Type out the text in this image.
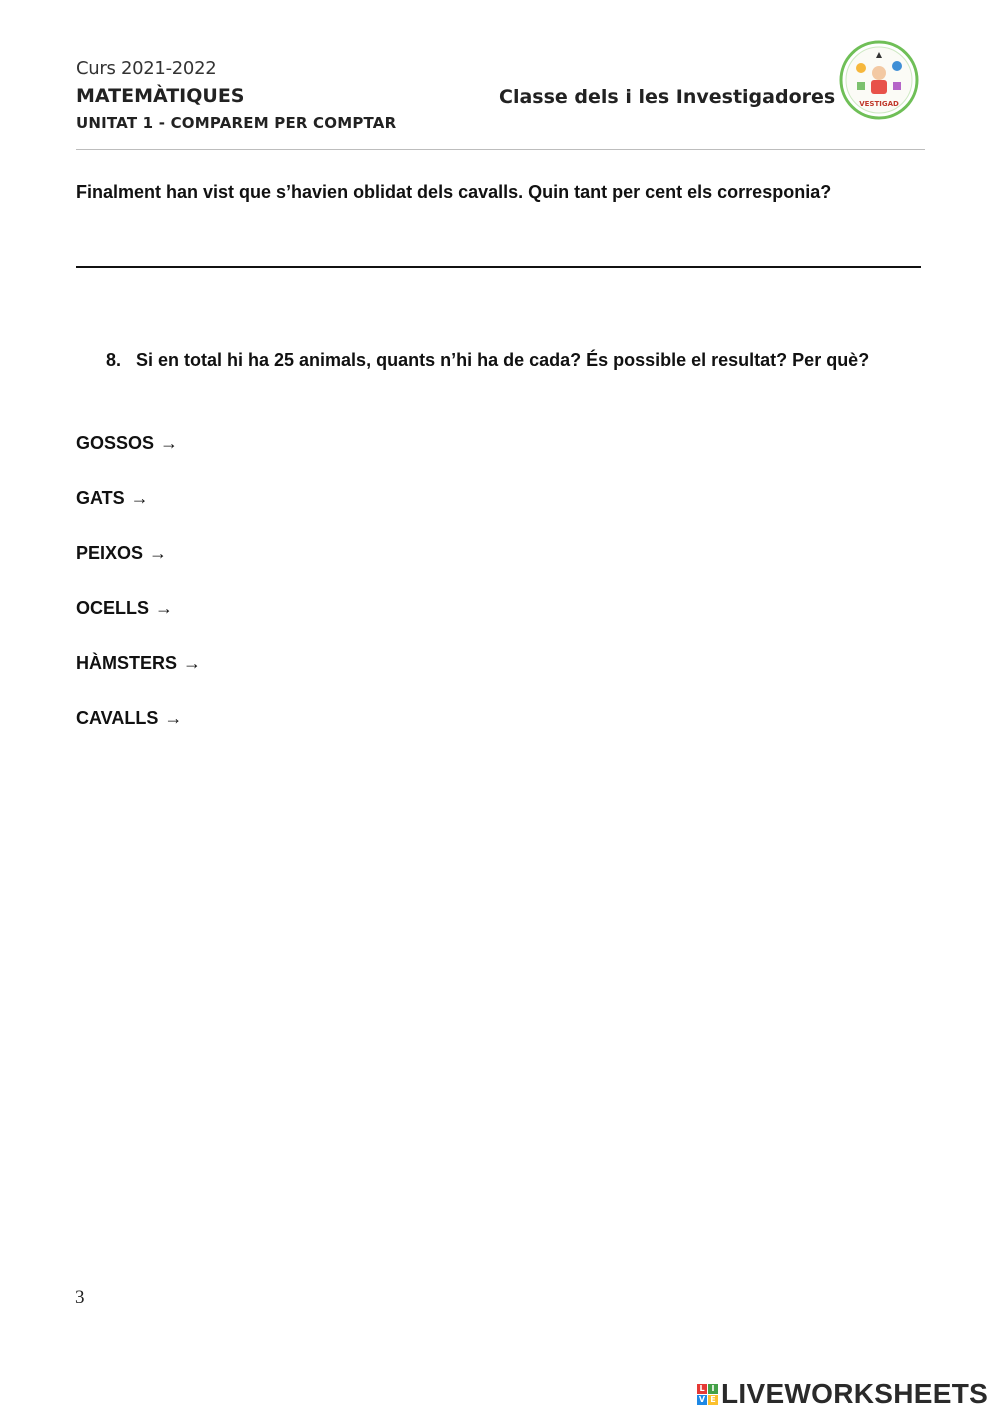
Curs 2021-2022
MATEMÀTIQUES
UNITAT 1 - COMPAREM PER COMPTAR
Classe dels i les Investigadores	VESTIGAD
Finalment han vist que s’havien oblidat dels cavalls. Quin tant per cent els corresponia?
8. Si en total hi ha 25 animals, quants n’hi ha de cada? És possible el resultat? Per què?
GOSSOS →
GATS →
PEIXOS →
OCELLS →
HÀMSTERS →
CAVALLS →
3
L I
V E LIVEWORKSHEETS
